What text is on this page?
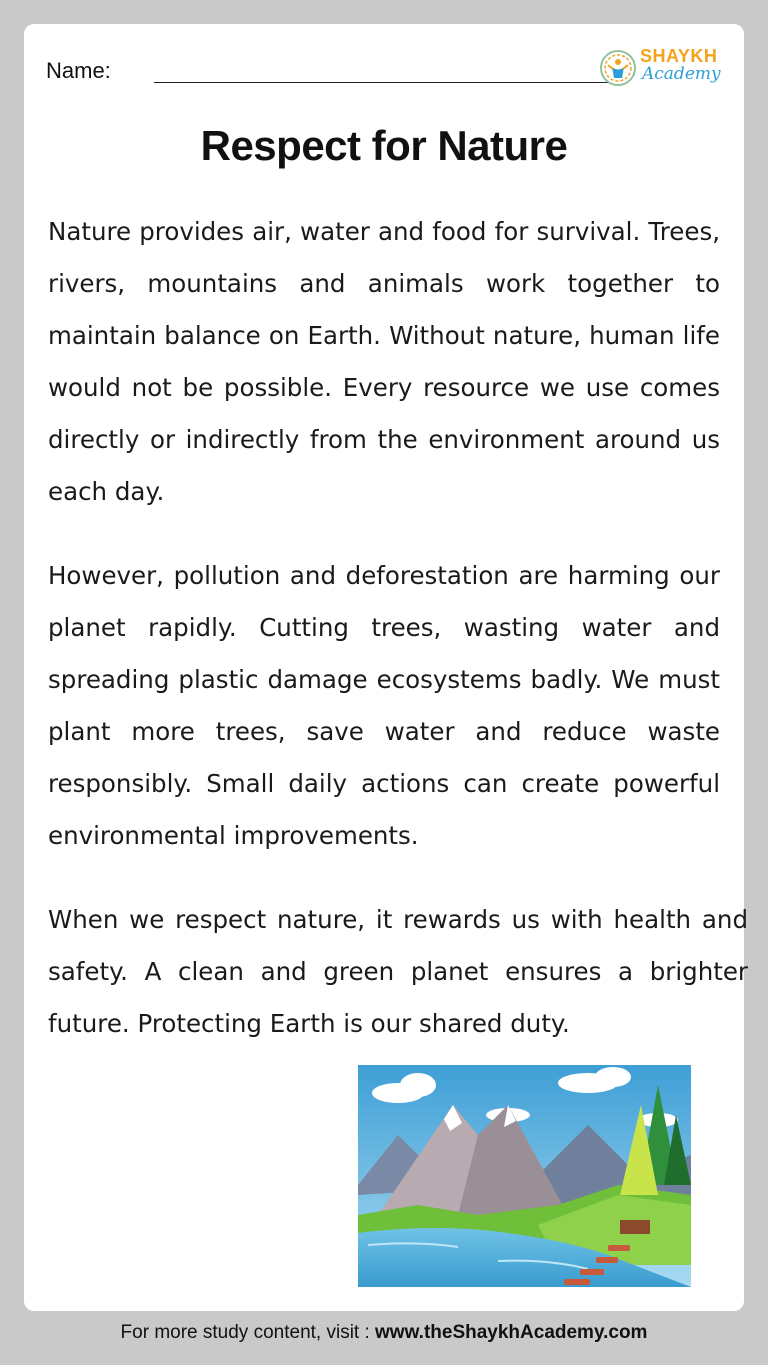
Name:
SHAYKH
Academy
Respect for Nature

Nature provides air, water and food for survival. Trees, rivers, mountains and animals work together to maintain balance on Earth. Without nature, human life would not be possible. Every resource we use comes directly or indirectly from the environment around us each day.

However, pollution and deforestation are harming our planet rapidly. Cutting trees, wasting water and spreading plastic damage ecosystems badly. We must plant more trees, save water and reduce waste responsibly. Small daily actions can create powerful environmental improvements.

When we respect nature, it rewards us with health and safety. A clean and green planet ensures a brighter future. Protecting Earth is our shared duty.

For more study content, visit : www.theShaykhAcademy.com
